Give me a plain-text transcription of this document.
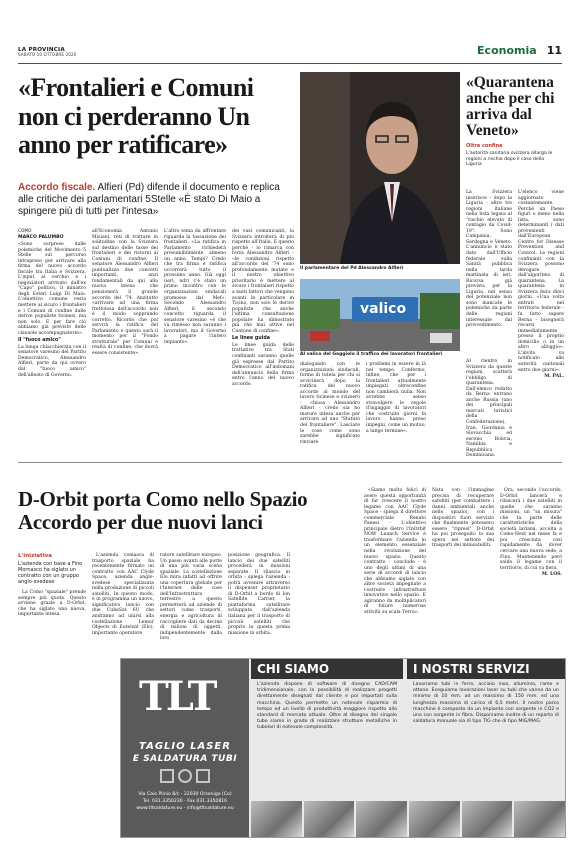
LA PROVINCIA
SABATO 10 OTTOBRE 2020	Economia 11
«Frontalieri e Comuni non ci perderanno Un anno per ratificare»
Accordo fiscale. Alfieri (Pd) difende il documento e replica alle critiche dei parlamentari 5Stelle «È stato Di Maio a spingere più di tutti per l'intesa»
COMO
MARCO PALUMBO

«Sono sorprese dalle polemiche del Movimento 5 Stelle sul percorso intrapreso per arrivare alla firma del nuovo accordo fiscale tra Italia e Svizzera. L'input al cerchio e i negoziatori arrivato dall'ex "Capo" politico, il ministro degli Esteri Luigi Di Maio. L'obiettivo comune resta mettere al sicuro i frontalieri e i Comuni di confine dalle derive populiste ticinesi, ma non solo. E per fare ciò abbiamo già previsto delle clausole accompagnatorie».

Il "fuoco amico"

La lunga chiacchierata con il senatore varesino del Partito Democratico, Alessandro Alfieri, parte da qui ovvero dal "fuoco amico" dell'alleato di Governo.

all'Economia Antonio Misiani, reti di trattare in solitudine con la Svizzera sul destino delle tasse dei frontalieri e dei ristorni ai Comuni di confine. Il senatore Alessandro Alfieri puntualizza due concetti importanti, anzi fondamentali da qui alla nuova intesa che pensionerà il grande accordo del '74. Anzitutto «arrivare ad una firma frettolosa dell'accordo non è il modo sopprando corretto. Ricordo che poi servirà la ratifica del Parlamento e questo sarà il momento per il "Fondo strutturale" per Comuni e realtà di confine, che dovrà essere consistente».

L'altro tema da affrontare riguarda la tassazione dei frontalieri. «La ratifica in Parlamento richiederà presumibilmente almeno un anno. Tempi? Credo che tra firma e ratifica occorrerà tutto il prossimo anno. Già oggi (ieri, ndr) c'è stato un primo incontro con le organizzazioni sindacali promosso dal Mef». Secondo Alessandro Alfieri, il secondo concetto riguarda il senatore varesino «è che va rimesso non saranno i lavoratori, ma il Governo a pagare l'intero impianto».

dei vasi comunicanti, la Svizzera introiterà di più rispetto all'Italia. E questo perché - lo rimarca con forza Alessandro Alfieri - «le condizioni rispetto all'accordo del '74 sono profondamente mutate e il nostro obiettivo prioritario è mettere al sicuro i frontalieri rispetto a tanti fattori che vengono avanti in particolare in Ticino, non solo le derive populiste che anche l'ultima consultazione popolare ha dimostrato più che mai attive nel Cantone di confine».

Le linee guida

Le linee guida delle trattative tra Stati confinanti saranno quelle già espresse dal Partito Democratico all'indomani dell'annuncio della firma entro l'anno del nuovo accordo.

dialogando con le organizzazioni sindacali, forme di tutela per chi si avvicinerà dopo la ratifica del nuovo accordo al mondo del lavoro ticinese e svizzero - chiosa Alessandro Alfieri - credo sia no mature intesa anche per arrivare ad uno "Statuto del frontaliere". Lasciare le cose come sono sarebbe significato rinviare

i problemi in essere in là nel tempo. Confermo, infine, che per i frontalieri attualmente impiegati oltreconfine non cambierà nulla. Non avrebbe senso stravolgere le regole d'ingaggio di lavoratori che costruito giorni fa lavoro hanno preso impegni, come un mutuo, a lungo termine».

Il parlamentare del Pd Alessandro Alfieri
valico
Al valico del Gaggiolo il traffico dei lavoratori frontalieri
«Quarantena anche per chi arriva dal Veneto»
Oltre confine
L'autorità sanitaria svizzera allarga le regioni a rischio dopo il caso della Liguria

La Svizzera inserisce - dopo la Liguria - altre tre regioni italiane nella lista legata al "rischio elevato di contagio da Covid-19". Sono Campania, Sardegna e Veneto. L'annuncio è stato dato dall'Ufficio federale sulla Sanità pubblica nella tarda mattinata di ieri. Ricorsa già prevista per la Liguria, nel senso del potenziale non sono mancate le polemiche da parte delle regioni interessate dal provvedimento.

Al rientro in Svizzera da queste regioni, scatterà l'obbligo di quarantena. Dall'elenco redatto da Berna entrano anche Russia (uno dei principali mercati turistici della Confederazione), Iran, Giordania e Slovacchia ed escono Bolivia, Namibia e Repubblica Dominicana.

L'elenco viene aggiornato costantemente. Perché un Paese figuri o meno nella lista, sono determinanti i dati provenienti dall'European Centre for Disease Prevention and Control. Le regioni confinanti con la Svizzera possono derogare dall'algoritmo di quarantena. La quarantena in Svizzera dura dieci giorni. «Una volta entrati nel territorio federale - fa fatto sapere Berna - bisognerà recarsi immediatamente presso il proprio domicilio o in un altro alloggio». L'invito va notificato alle autorità cantonali entro due giorni».

M. PAL.

D-Orbit porta Como nello Spazio Accordo per due nuovi lanci
L'iniziativa
L'azienda con base a Fino Mornasco ha siglato un contratto con un gruppo anglo-svedese

La Como "spaziale" prende sempre più quota. Questo avviene grazie a D-Orbit, che ha siglato una nuova, importante intesa.

L'azienda comasca di trasporto spaziale ha recentemente firmato un contratto con AAC Clyde Space, azienda anglo-svedese specializzata nella produzione di piccoli satelliti. In questo modo, è in programma un nuovo, significativo lancio con due CubeSat 6U che andranno ad unirsi alla costellazione Lemur Objects di Eutelsat (Elo), importante operatore

ratore satellitare europeo. Un passo avanti alle porte di una più varia scena spaziale. La costellazione Elo mira infatti ad offrire una copertura globale per l'Internet delle cose dell'Infrastruttura terrestre a questo permetterà ad aziende di settori come trasporti, energia e agricoltura di raccogliere dati da decine di milioni di oggetti, indipendentemente dalla loro

posizione geografica. Il lancio dei due satelliti procederà in missioni separate. Il rilascio in orbita - spiega l'azienda - potrà avvenire attraverso il dispenser proprietario di D-Orbit a bordo di Ion Satellite Carrier, la piattaforma satellitare sviluppata dall'azienda italiana per il trasporto di piccoli satelliti che proprio in questa prima missione in orbita.

«Siamo molto felici di avere questa opportunità di far crescere il nostro legame con AAC Clyde Space - spiega il direttore commerciale Renato Panesi - L'obiettivo principale dietro l'InOrbit NOW Launch Service è trasformare l'azienda in un elemento essenziale nella rivoluzione del nuovo spazio. Questo contratto - conclude - è uno degli ultimi di una serie di accordi di lancio che abbiamo siglato con altre società impegnate a costruire infrastrutture innovative nello spazio. E agiranno da moltiplicatori di future numerose attività su scala Terra».

Nata con l'immagine precisa di recuperare satelliti (per combattere i danni ambientali anche nello spazio), con i dispositivi fuori servizio che finalmente potessero essere "ripresi" D-Orbit ha poi proseguito la sua opera nel settore dei trasporti dei minisatelliti.

Ora, secondo l'accordo, D-Orbit lancerà e rilascerà i due satelliti in quelle che saranno missioni, un "su misura" che fa parte delle caratteristiche della società lariana, accolta a Como-Next nel mese fa e poi cresciuta così rapidamente da dover cercare una nuova sede, a Fino. Mantenendo però saldo il legame con il territorio, di cui va fiera.

M. LOS.

TLT
TAGLIO LASER
E SALDATURA TUBI
Via Caio Plinio 8/c - 22030 Orsenigo (Co)
Tel. 031.3350230 - Fax 031.3350816
www.tltsaldature.eu - info@tltsaldature.eu
CHI SIAMO
L'azienda dispone di software di disegno CAD/CAM tridimensionale, con la possibilità di realizzare progetti direttamente disegnati dal cliente e poi importati sulla macchina. Questo permette un notevole risparmio di tempo ed un livello di produttività maggiore rispetto allo standard di mercato attuale. Oltre al disegno del singolo tubo siamo in grado di realizzare strutture metalliche in tubolari di notevole complessità.
I NOSTRI SERVIZI
Lavoriamo tubi in ferro, acciaio inox, alluminio, rame e ottone. Eseguiamo lavorazioni laser su tubi che vanno da un minimo di 10 mm. ad un massimo di 150 mm. ed una lunghezza massima di carico di 6,5 metri. Il nostro parco macchine è composto da un impianto con sorgente in CO2 e uno con sorgente in fibra. Disponiamo inoltre di un reparto di saldatura manuale sia di tipo TIG che di tipo MIG/MAG.
